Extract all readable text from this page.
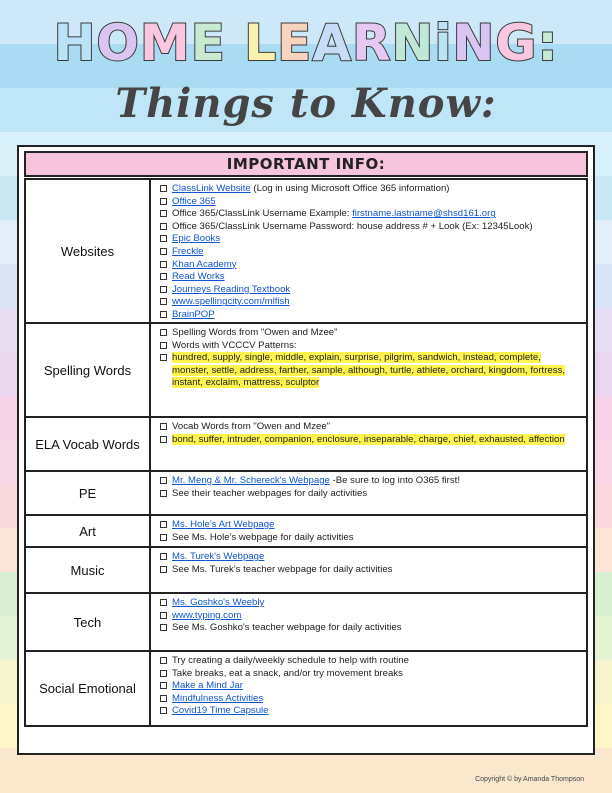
HOME LEARNiNG:
Things to Know:
IMPORTANT INFO:
Websites
ClassLink Website (Log in using Microsoft Office 365 information)
Office 365
Office 365/ClassLink Username Example: firstname.lastname@shsd161.org
Office 365/ClassLink Username Password: house address # + Look (Ex: 12345Look)
Epic Books
Freckle
Khan Academy
Read Works
Journeys Reading Textbook
www.spellingcity.com/mlfish
BrainPOP
Spelling Words
Spelling Words from "Owen and Mzee"
Words with VCCCV Patterns:
hundred, supply, single, middle, explain, surprise, pilgrim, sandwich, instead, complete, monster, settle, address, farther, sample, although, turtle, athlete, orchard, kingdom, fortress, instant, exclaim, mattress, sculptor
ELA Vocab Words
Vocab Words from "Owen and Mzee"
bond, suffer, intruder, companion, enclosure, inseparable, charge, chief, exhausted, affection
PE
Mr. Meng & Mr. Schereck's Webpage -Be sure to log into O365 first!
See their teacher webpages for daily activities
Art	Ms. Hole's Art Webpage
See Ms. Hole's webpage for daily activities
Music
Ms. Turek's Webpage
See Ms. Turek's teacher webpage for daily activities
Tech
Ms. Goshko's Weebly
www.typing.com
See Ms. Goshko's teacher webpage for daily activities
Social Emotional
Try creating a daily/weekly schedule to help with routine
Take breaks, eat a snack, and/or try movement breaks
Make a Mind Jar
Mindfulness Activities
Covid19 Time Capsule
Copyright © by Amanda Thompson
